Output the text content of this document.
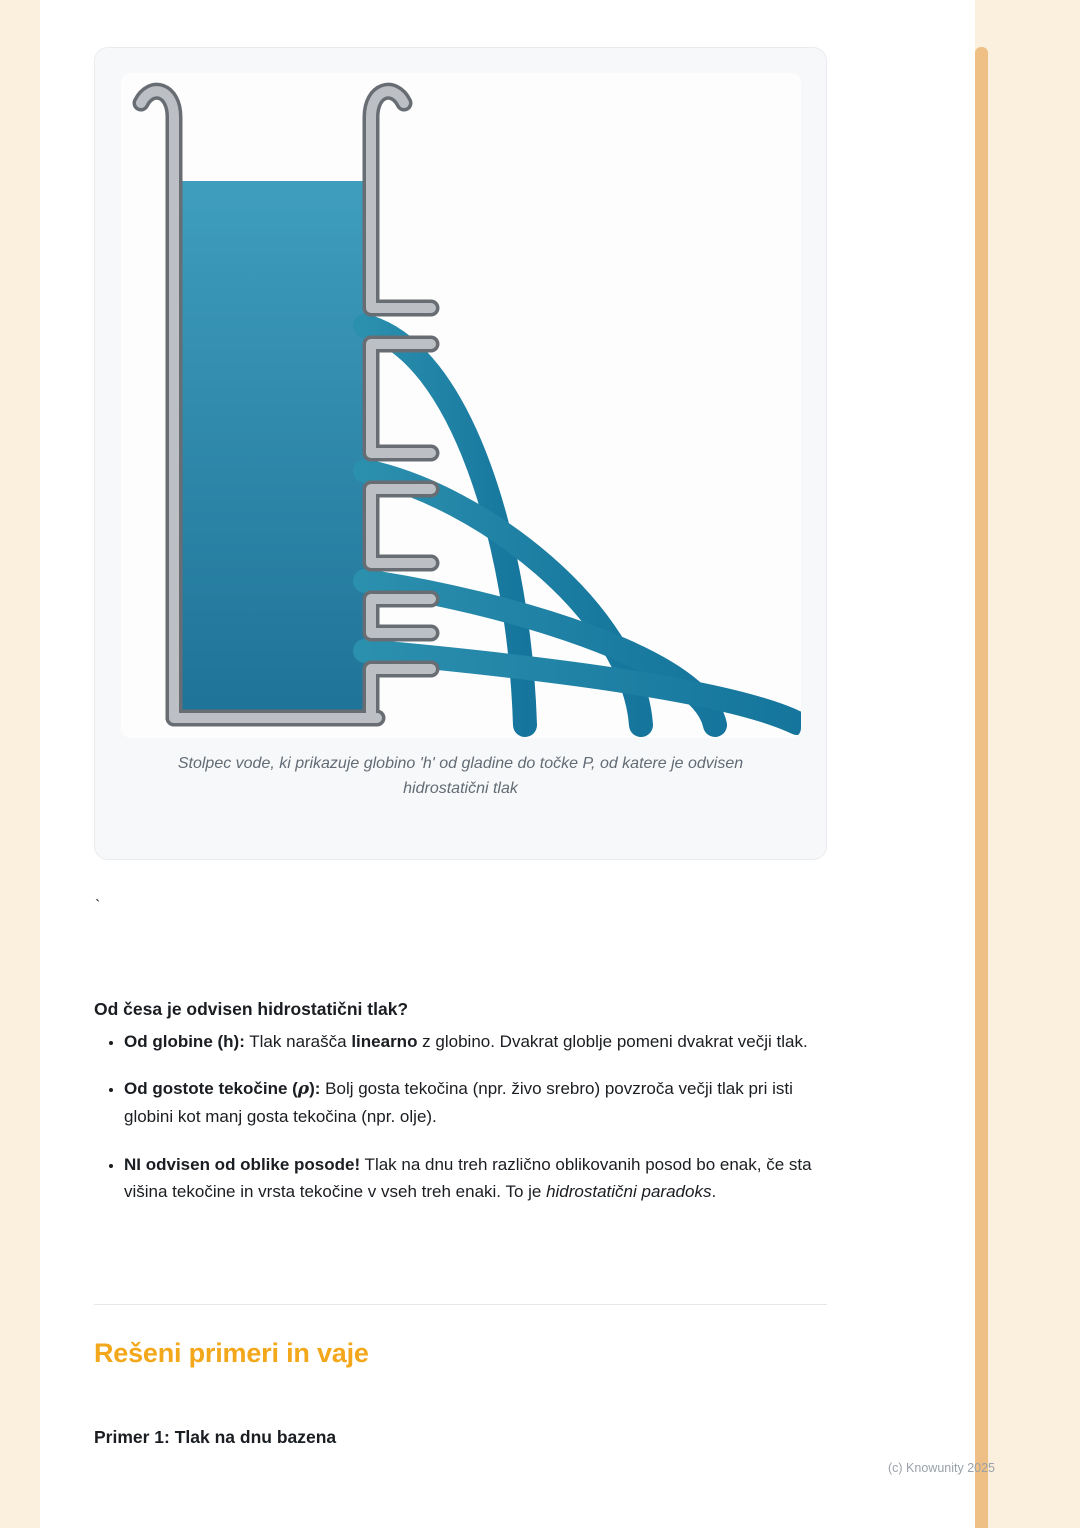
Stolpec vode, ki prikazuje globino 'h' od gladine do točke P, od katere je odvisen hidrostatični tlak

`

Od česa je odvisen hidrostatični tlak?
• Od globine (h): Tlak narašča linearno z globino. Dvakrat globlje pomeni dvakrat večji tlak.
• Od gostote tekočine (ρ): Bolj gosta tekočina (npr. živo srebro) povzroča večji tlak pri isti globini kot manj gosta tekočina (npr. olje).
• NI odvisen od oblike posode! Tlak na dnu treh različno oblikovanih posod bo enak, če sta višina tekočine in vrsta tekočine v vseh treh enaki. To je hidrostatični paradoks.
Rešeni primeri in vaje

Primer 1: Tlak na dnu bazena

(c) Knowunity 2025
